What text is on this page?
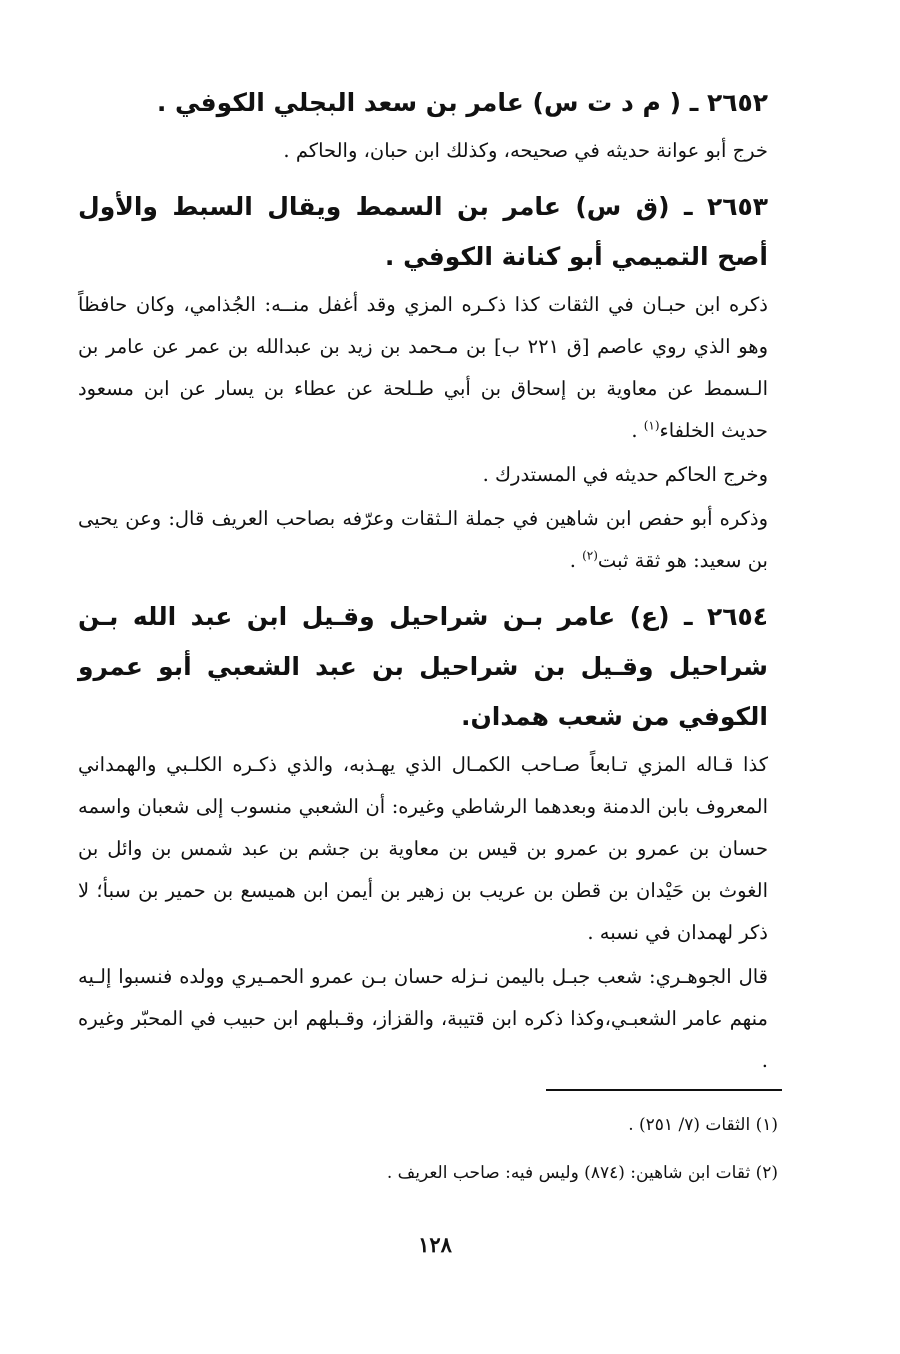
٢٦٥٢ ـ ( م د ت س) عامر بن سعد البجلي الكوفي .

خرج أبو عوانة حديثه في صحيحه، وكذلك ابن حبان، والحاكم .

٢٦٥٣ ـ (ق س) عامر بن السمط ويقال السبط والأول أصح التميمي أبو كنانة الكوفي .

ذكره ابن حبـان في الثقات كذا ذكـره المزي وقد أغفل منــه: الجُذامي، وكان حافظاً وهو الذي روي عاصم [ق ٢٢١ ب] بن مـحمد بن زيد بن عبدالله بن عمر عن عامر بن الـسمط عن معاوية بن إسحاق بن أبي طـلحة عن عطاء بن يسار عن ابن مسعود حديث الخلفاء$^{(١)}$ .

وخرج الحاكم حديثه في المستدرك .

وذكره أبو حفص ابن شاهين في جملة الـثقات وعرّفه بصاحب العريف قال: وعن يحيى بن سعيد: هو ثقة ثبت$^{(٢)}$ .

٢٦٥٤ ـ (ع) عامر بـن شراحيل وقـيل ابن عبد الله بـن شراحيل وقـيل بن شراحيل بن عبد الشعبي أبو عمرو الكوفي من شعب همدان.

كذا قـاله المزي تـابعاً صـاحب الكمـال الذي يهـذبه، والذي ذكـره الكلـبي والهمداني المعروف بابن الدمنة وبعدهما الرشاطي وغيره: أن الشعبي منسوب إلى شعبان واسمه حسان بن عمرو بن عمرو بن قيس بن معاوية بن جشم بن عبد شمس بن وائل بن الغوث بن حَيْدان بن قطن بن عريب بن زهير بن أيمن ابن هميسع بن حمير بن سبأ؛ لا ذكر لهمدان في نسبه .

قال الجوهـري: شعب جبـل باليمن نـزله حسان بـن عمرو الحمـيري وولده فنسبوا إلـيه منهم عامر الشعبـي،وكذا ذكره ابن قتيبة، والقزاز، وقـبلهم ابن حبيب في المحبّر وغيره .

(١) الثقات (٧/ ٢٥١) .

(٢) ثقات ابن شاهين: (٨٧٤) وليس فيه: صاحب العريف .

١٢٨
